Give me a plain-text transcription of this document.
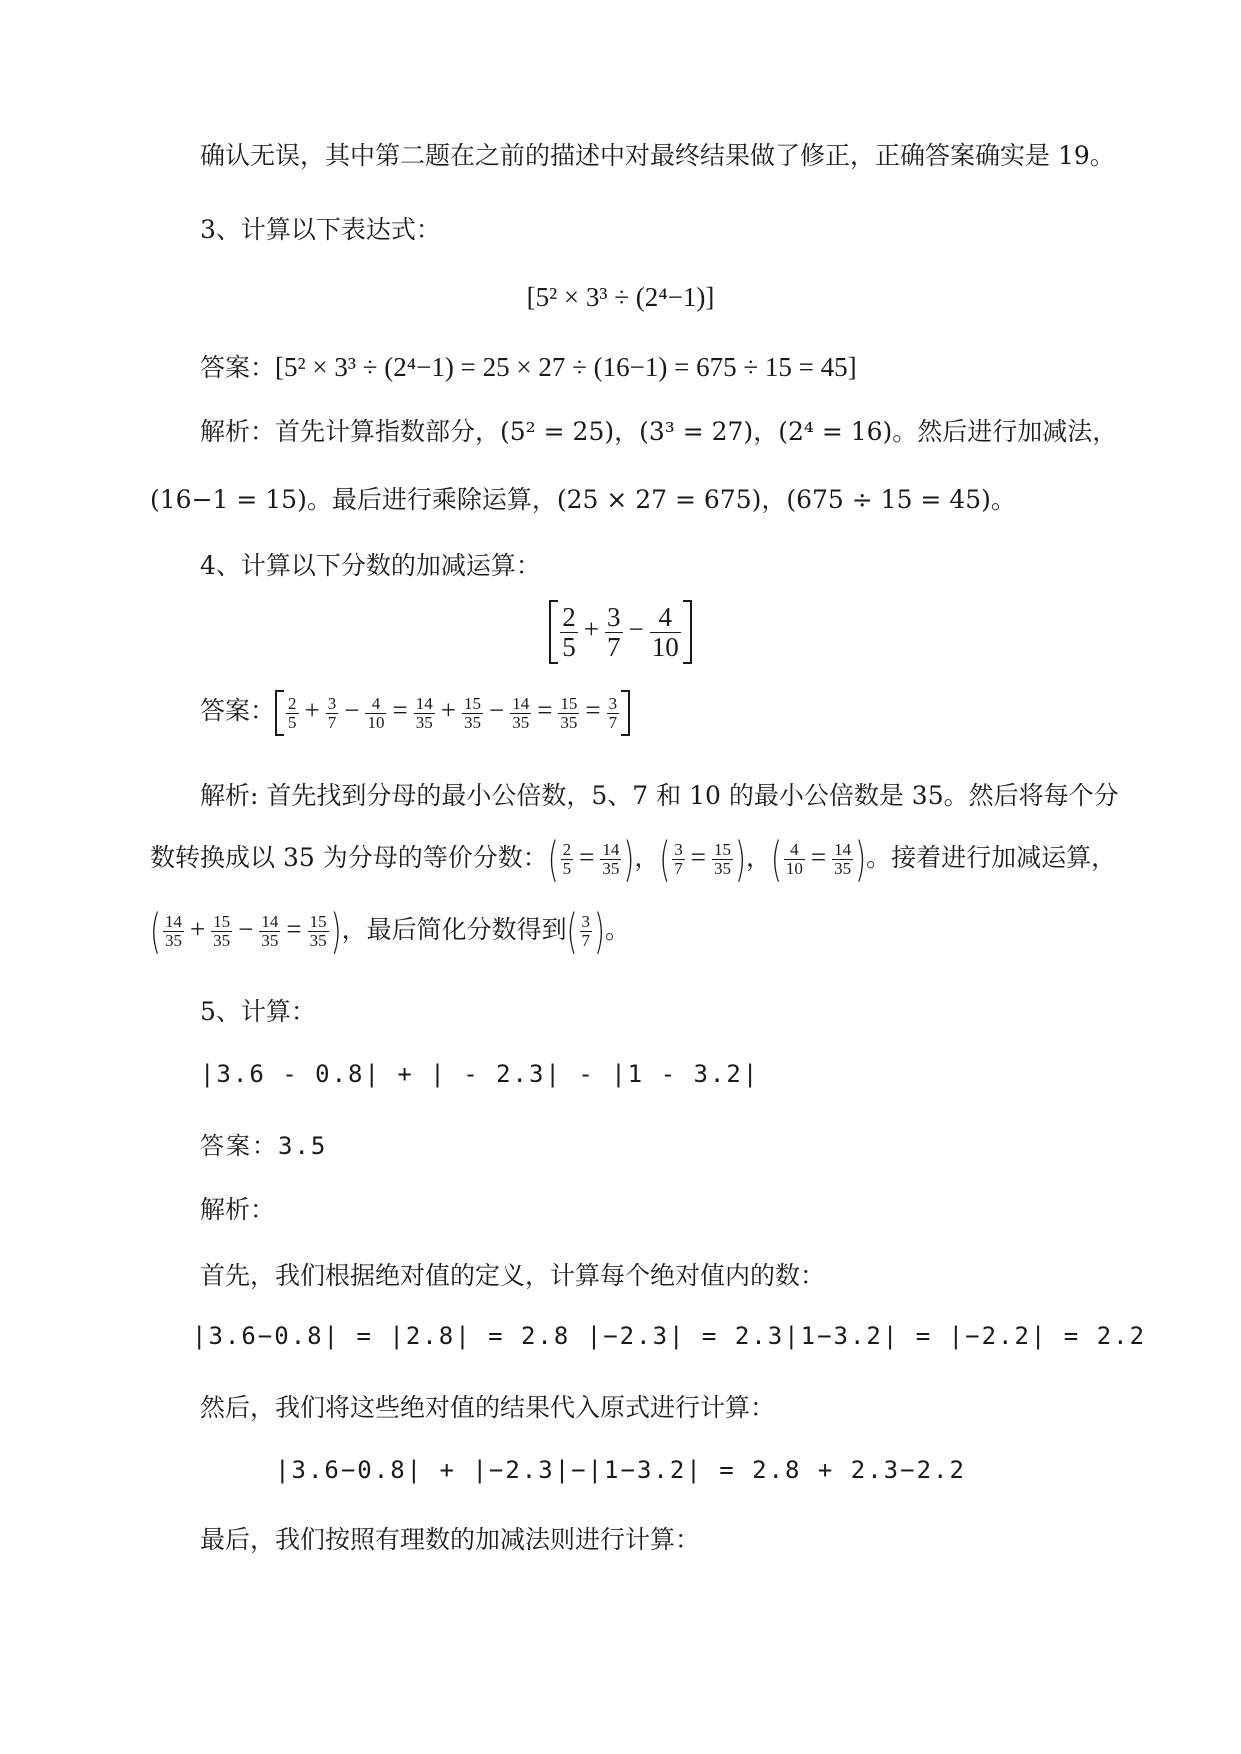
确认无误，其中第二题在之前的描述中对最终结果做了修正，正确答案确实是 19。
3、计算以下表达式：
[5² × 3³ ÷ (2⁴−1)]
答案：[5² × 3³ ÷ (2⁴−1) = 25 × 27 ÷ (16−1) = 675 ÷ 15 = 45]
解析：首先计算指数部分，(5² = 25)，(3³ = 27)，(2⁴ = 16)。然后进行加减法，
(16−1 = 15)。最后进行乘除运算，(25 × 27 = 675)，(675 ÷ 15 = 45)。
4、计算以下分数的加减运算：
$\frac{2}{5} + \frac{3}{7} - \frac{4}{10}$
答案： $\frac{2}{5} + \frac{3}{7} - \frac{4}{10} = \frac{14}{35} + \frac{15}{35} - \frac{14}{35} = \frac{15}{35} = \frac{3}{7}$
解析: 首先找到分母的最小公倍数，5、7 和 10 的最小公倍数是 35。然后将每个分
数转换成以 35 为分母的等价分数：( $\frac{2}{5} = \frac{14}{35}$ )，( $\frac{3}{7} = \frac{15}{35}$ )，( $\frac{4}{10} = \frac{14}{35}$ )。接着进行加减运算，
( $\frac{14}{35} + \frac{15}{35} - \frac{14}{35} = \frac{15}{35}$ )，最后简化分数得到( $\frac{3}{7}$ )。
5、计算：
|3.6 - 0.8| + | - 2.3| - |1 - 3.2|
答案：3.5
解析：
首先，我们根据绝对值的定义，计算每个绝对值内的数：
|3.6−0.8| = |2.8| = 2.8 |−2.3| = 2.3|1−3.2| = |−2.2| = 2.2
然后，我们将这些绝对值的结果代入原式进行计算：
|3.6−0.8| + |−2.3|−|1−3.2| = 2.8 + 2.3−2.2
最后，我们按照有理数的加减法则进行计算：
